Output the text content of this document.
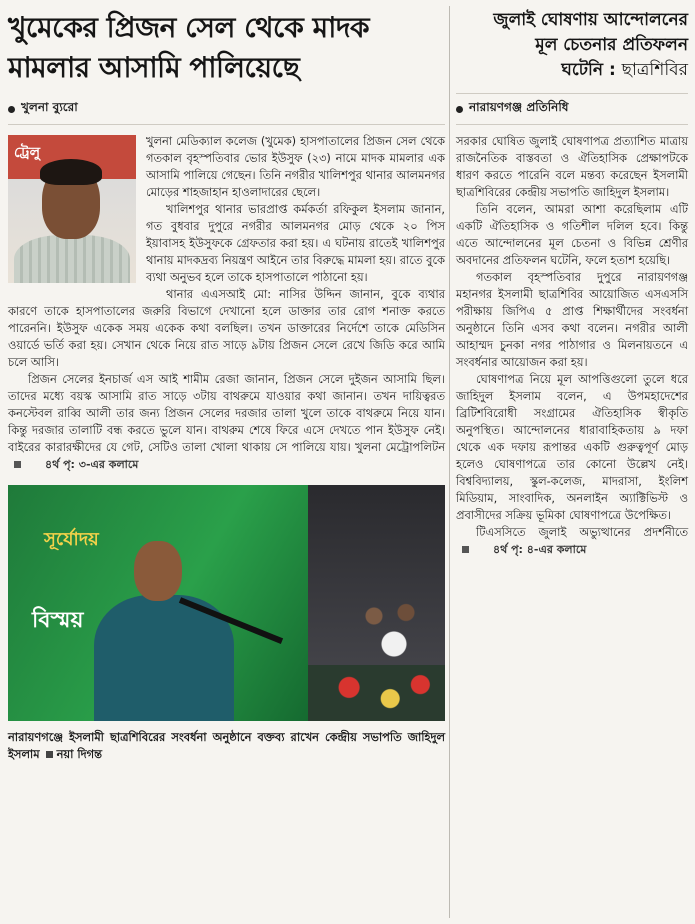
খুমেকের প্রিজন সেল থেকে মাদক
মামলার আসামি পালিয়েছে
খুলনা ব্যুরো
ট্রেলু

খুলনা মেডিক্যাল কলেজ (খুমেক) হাসপাতালের প্রিজন সেল থেকে গতকাল বৃহস্পতিবার ভোর ইউসুফ (২৩) নামে মাদক মামলার এক আসামি পালিয়ে গেছেন। তিনি নগরীর খালিশপুর থানার আলমনগর মোড়ের শাহজাহান হাওলাদারের ছেলে।

খালিশপুর থানার ভারপ্রাপ্ত কর্মকর্তা রফিকুল ইসলাম জানান, গত বুধবার দুপুরে নগরীর আলমনগর মোড় থেকে ২০ পিস ইয়াবাসহ ইউসুফকে গ্রেফতার করা হয়। এ ঘটনায় রাতেই খালিশপুর থানায় মাদকদ্রব্য নিয়ন্ত্রণ আইনে তার বিরুদ্ধে মামলা হয়। রাতে বুকে ব্যথা অনুভব হলে তাকে হাসপাতালে পাঠানো হয়।

থানার এএসআই মো: নাসির উদ্দিন জানান, বুকে ব্যথার কারণে তাকে হাসপাতালের জরুরি বিভাগে দেখানো হলে ডাক্তার তার রোগ শনাক্ত করতে পারেননি। ইউসুফ একেক সময় একেক কথা বলছিল। তখন ডাক্তারের নির্দেশে তাকে মেডিসিন ওয়ার্ডে ভর্তি করা হয়। সেখান থেকে নিয়ে রাত সাড়ে ৯টায় প্রিজন সেলে রেখে জিডি করে আমি চলে আসি।

প্রিজন সেলের ইনচার্জ এস আই শামীম রেজা জানান, প্রিজন সেলে দুইজন আসামি ছিল। তাদের মধ্যে বয়স্ক আসামি রাত সাড়ে ৩টায় বাথরুমে যাওয়ার কথা জানান। তখন দায়িত্বরত কনস্টেবল রাব্বি আলী তার জন্য প্রিজন সেলের দরজার তালা খুলে তাকে বাথরুমে নিয়ে যান। কিন্তু দরজার তালাটি বন্ধ করতে ভুলে যান। বাথরুম শেষে ফিরে এসে দেখতে পান ইউসুফ নেই। বাইরের কারারক্ষীদের যে গেট, সেটিও তালা খোলা থাকায় সে পালিয়ে যায়। খুলনা মেট্রোপলিটন
৪র্থ পৃ: ৩-এর কলামে

সূর্যোদয়
বিস্ময়

নারায়ণগঞ্জে ইসলামী ছাত্রশিবিরের সংবর্ধনা অনুষ্ঠানে বক্তব্য রাখেন কেন্দ্রীয় সভাপতি জাহিদুল ইসলাম নয়া দিগন্ত

জুলাই ঘোষণায় আন্দোলনের
মূল চেতনার প্রতিফলন
ঘটেনি : ছাত্রশিবির
নারায়ণগঞ্জ প্রতিনিধি

সরকার ঘোষিত জুলাই ঘোষণাপত্র প্রত্যাশিত মাত্রায় রাজনৈতিক বাস্তবতা ও ঐতিহাসিক প্রেক্ষাপটকে ধারণ করতে পারেনি বলে মন্তব্য করেছেন ইসলামী ছাত্রশিবিরের কেন্দ্রীয় সভাপতি জাহিদুল ইসলাম।

তিনি বলেন, আমরা আশা করেছিলাম এটি একটি ঐতিহাসিক ও গতিশীল দলিল হবে। কিন্তু এতে আন্দোলনের মূল চেতনা ও বিভিন্ন শ্রেণীর অবদানের প্রতিফলন ঘটেনি, ফলে হতাশ হয়েছি।

গতকাল বৃহস্পতিবার দুপুরে নারায়ণগঞ্জ মহানগর ইসলামী ছাত্রশিবির আয়োজিত এসএসসি পরীক্ষায় জিপিএ ৫ প্রাপ্ত শিক্ষার্থীদের সংবর্ধনা অনুষ্ঠানে তিনি এসব কথা বলেন। নগরীর আলী আহাম্মদ চুনকা নগর পাঠাগার ও মিলনায়তনে এ সংবর্ধনার আয়োজন করা হয়।

ঘোষণাপত্র নিয়ে মূল আপত্তিগুলো তুলে ধরে জাহিদুল ইসলাম বলেন, এ উপমহাদেশের ব্রিটিশবিরোধী সংগ্রামের ঐতিহাসিক স্বীকৃতি অনুপস্থিত। আন্দোলনের ধারাবাহিকতায় ৯ দফা থেকে এক দফায় রূপান্তর একটি গুরুত্বপূর্ণ মোড় হলেও ঘোষণাপত্রে তার কোনো উল্লেখ নেই। বিশ্ববিদ্যালয়, স্কুল-কলেজ, মাদরাসা, ইংলিশ মিডিয়াম, সাংবাদিক, অনলাইন অ্যাক্টিভিস্ট ও প্রবাসীদের সক্রিয় ভূমিকা ঘোষণাপত্রে উপেক্ষিত।

টিএসসিতে জুলাই অভ্যুত্থানের প্রদর্শনীতে
৪র্থ পৃ: ৪-এর কলামে
